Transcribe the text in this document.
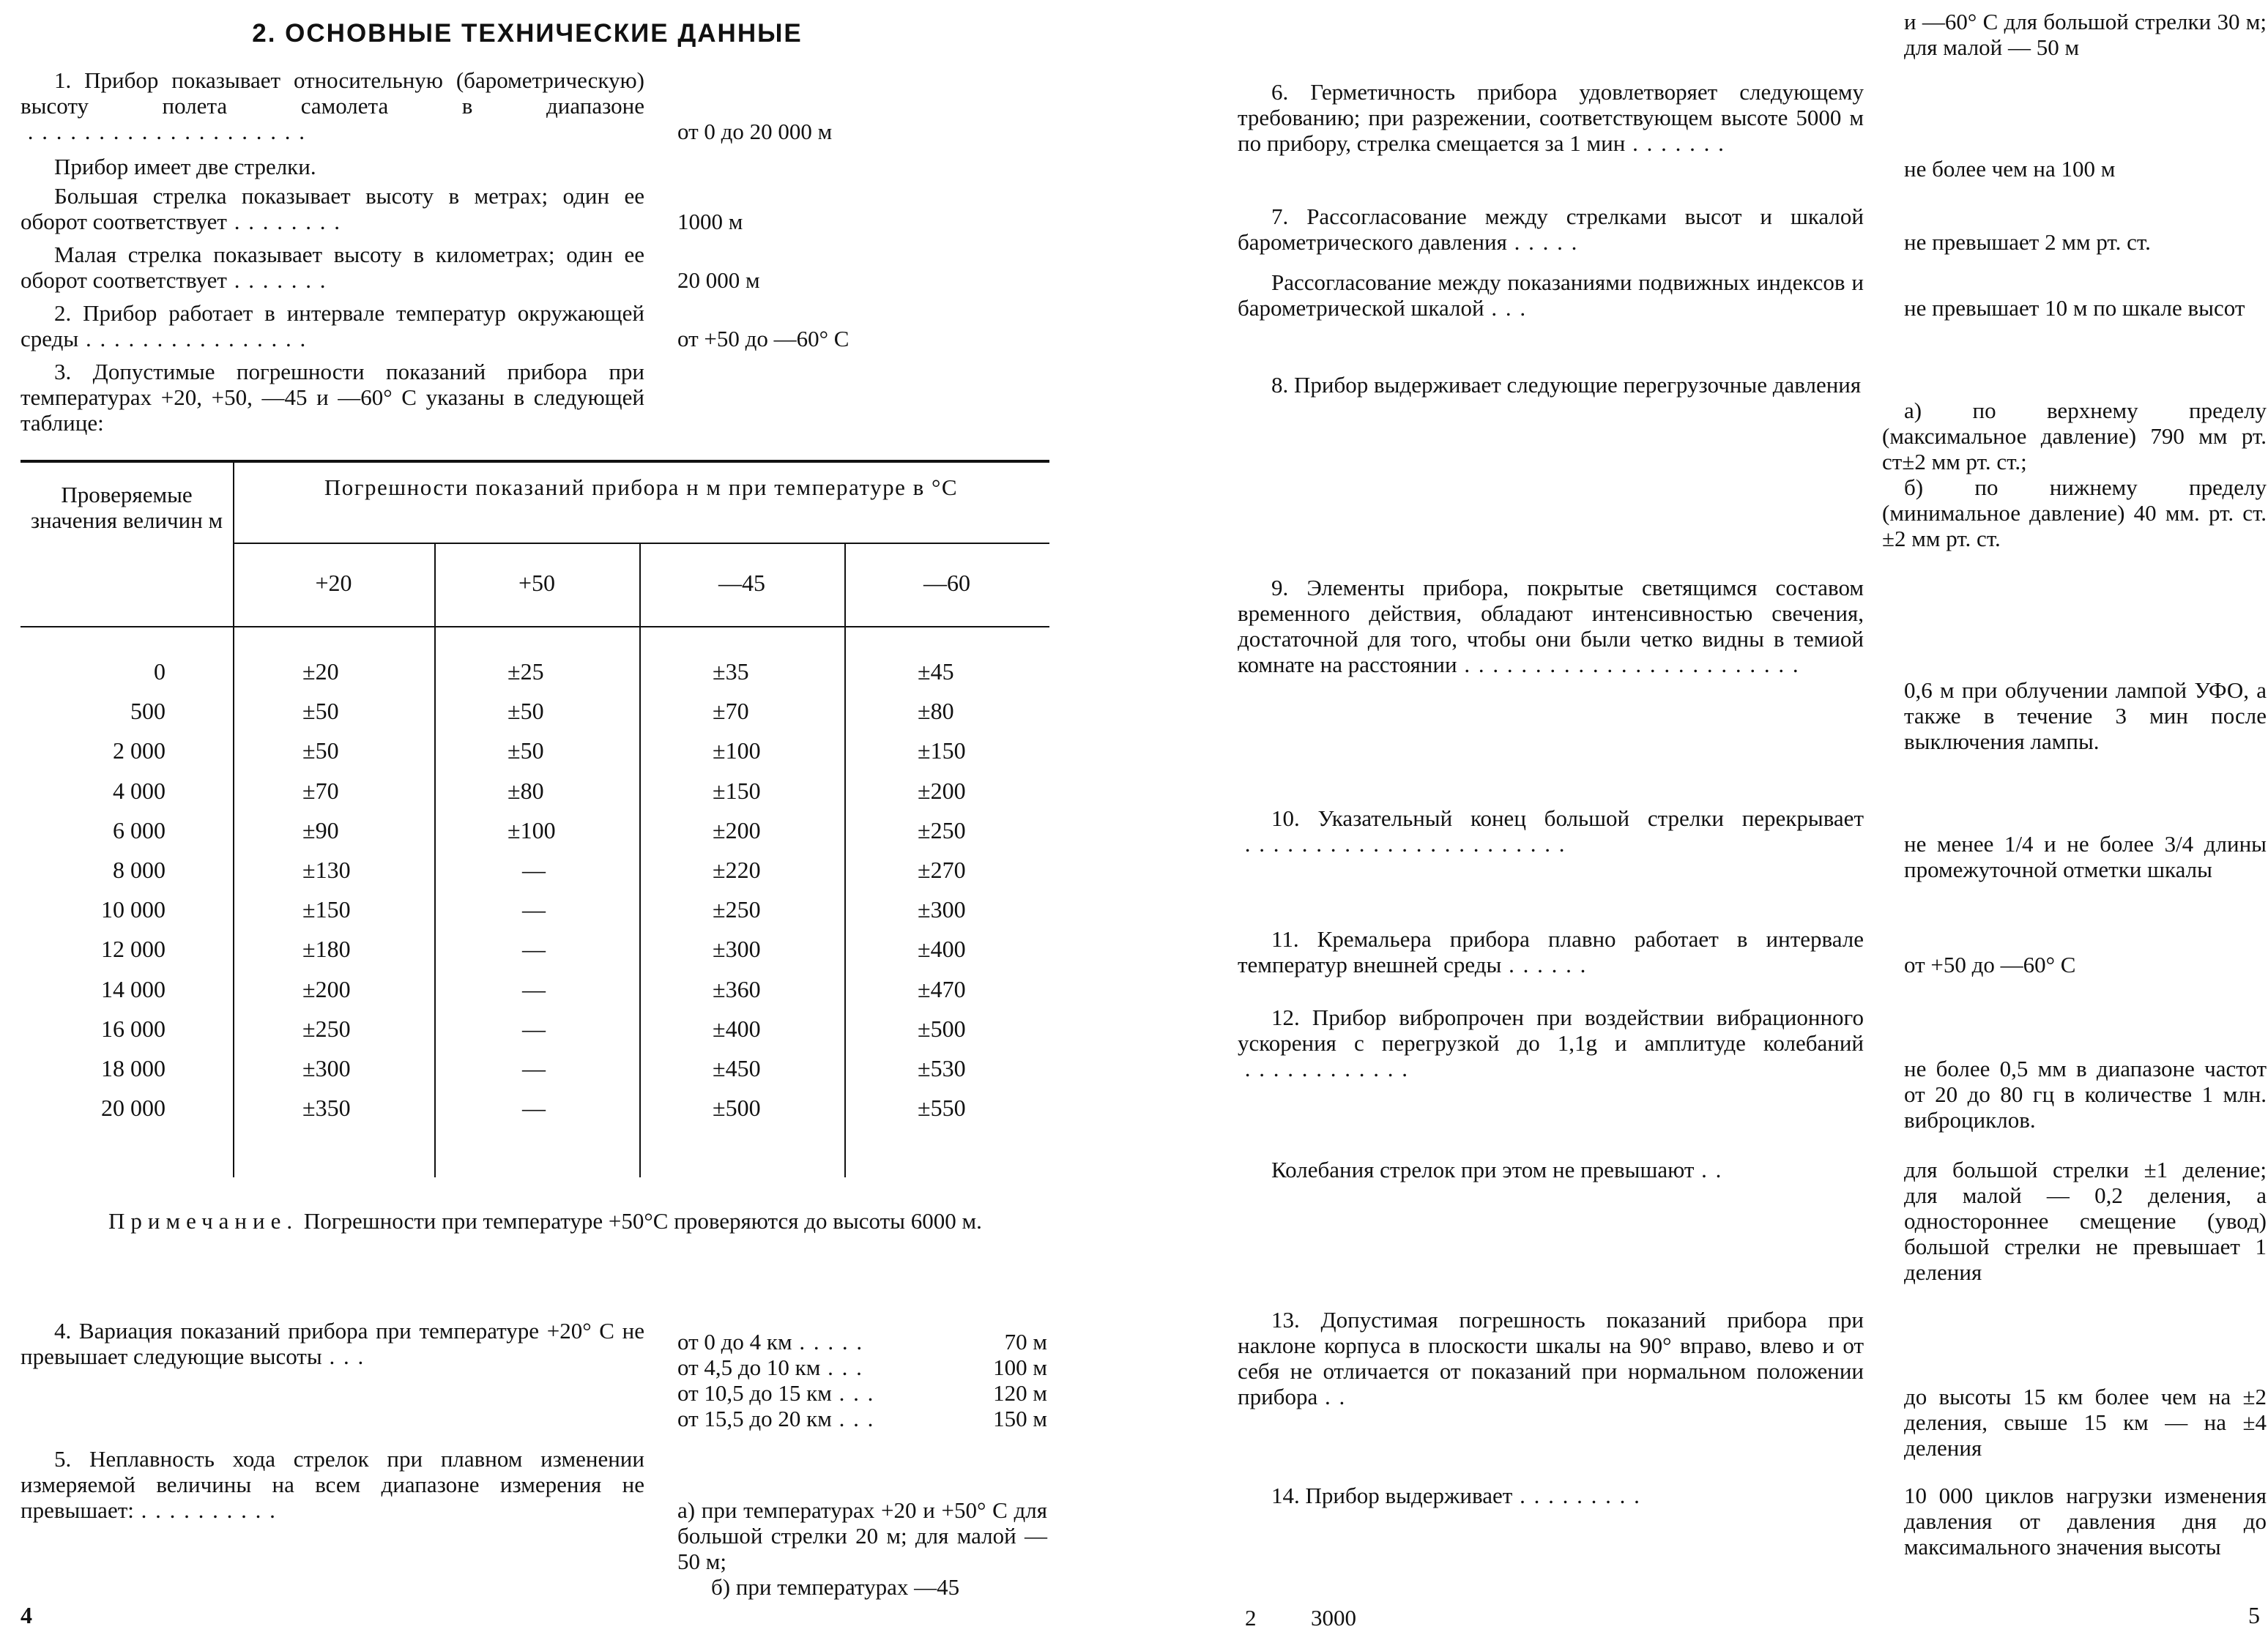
2. ОСНОВНЫЕ ТЕХНИЧЕСКИЕ ДАННЫЕ
1. Прибор показывает относительную (барометрическую) высоту полета самолета в диапазоне . . . . . . . . . . . . . . . . . . . .	от 0 до 20 000 м
Прибор имеет две стрелки.
Большая стрелка показывает высоту в метрах; один ее оборот соответствует . . . . . . . .	1000 м
Малая стрелка показывает высоту в километрах; один ее оборот соответствует . . . . . . .	20 000 м
2. Прибор работает в интервале температур окружающей среды . . . . . . . . . . . . . . . .	от +50 до —60° С
3. Допустимые погрешности показаний прибора при температурах +20, +50, —45 и —60° С указаны в следующей таблице:
Проверяемые значения величин м
Погрешности показаний прибора н м при температуре в °С
+20	+50	—45	—60
0	±20	±25	±35	±45
500	±50	±50	±70	±80
2 000	±50	±50	±100	±150
4 000	±70	±80	±150	±200
6 000	±90	±100	±200	±250
8 000	±130	—	±220	±270
10 000	±150	—	±250	±300
12 000	±180	—	±300	±400
14 000	±200	—	±360	±470
16 000	±250	—	±400	±500
18 000	±300	—	±450	±530
20 000	±350	—	±500	±550
Примечание. Погрешности при температуре +50°С проверяются до высоты 6000 м.
4. Вариация показаний прибора при температуре +20° С не превышает следующие высоты . . .

от 0 до 4 км . . . . .	70 м

от 4,5 до 10 км . . .	100 м

от 10,5 до 15 км . . .	120 м

от 15,5 до 20 км . . .	150 м

5. Неплавность хода стрелок при плавном изменении измеряемой величины на всем диапазоне измерения не превышает: . . . . . . . . . .	а) при температурах +20 и +50° С для большой стрелки 20 м; для малой — 50 м;

б) при температурах —45

4
и —60° С для большой стрелки 30 м; для малой — 50 м
6. Герметичность прибора удовлетворяет следующему требованию; при разрежении, соответствующем высоте 5000 м по прибору, стрелка смещается за 1 мин . . . . . . .
не более чем на 100 м
7. Рассогласование между стрелками высот и шкалой барометрического давления . . . . .	не превышает 2 мм рт. ст.
Рассогласование между показаниями подвижных индексов и барометрической шкалой . . .	не превышает 10 м по шкале высот
8. Прибор выдерживает следующие перегрузочные давления

а) по верхнему пределу (максимальное давление) 790 мм рт. ст±2 мм рт. ст.;

б) по нижнему пределу (минимальное давление) 40 мм. рт. ст.±2 мм рт. ст.

9. Элементы прибора, покрытые светящимся составом временного действия, обладают интенсивностью свечения, достаточной для того, чтобы они были четко видны в темиой комнате на расстоянии . . . . . . . . . . . . . . . . . . . . . . . .
0,6 м при облучении лампой УФО, а также в течение 3 мин после выключения лампы.
10. Указательный конец большой стрелки перекрывает . . . . . . . . . . . . . . . . . . . . . . .	не менее 1/4 и не более 3/4 длины промежуточной отметки шкалы
11. Кремальера прибора плавно работает в интервале температур внешней среды . . . . . .	от +50 до —60° С
12. Прибор вибропрочен при воздействии вибрационного ускорения с перегрузкой до 1,1g и амплитуде колебаний . . . . . . . . . . . .	не более 0,5 мм в диапазоне частот от 20 до 80 гц в количестве 1 млн. виброциклов.
Колебания стрелок при этом не превышают . .	для большой стрелки ±1 деление; для малой — 0,2 деления, а одностороннее смещение (увод) большой стрелки не превышает 1 деления
13. Допустимая погрешность показаний прибора при наклоне корпуса в плоскости шкалы на 90° вправо, влево и от себя не отличается от показаний при нормальном положении прибора . .	до высоты 15 км более чем на ±2 деления, свыше 15 км — на ±4 деления
14. Прибор выдерживает . . . . . . . . .	10 000 циклов нагрузки изменения давления от давления дня до максимального значения высоты
2 3000	5
